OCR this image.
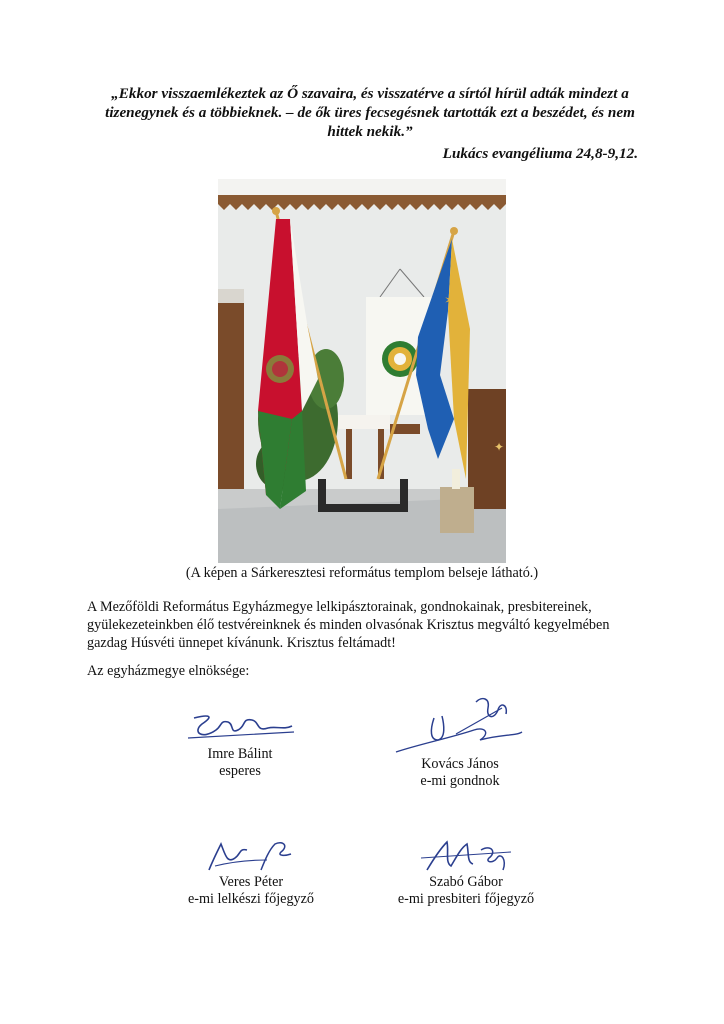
„Ekkor visszaemlékeztek az Ő szavaira, és visszatérve a sírtól hírül adták mindezt a tizenegynek és a többieknek. – de ők üres fecsegésnek tartották ezt a beszédet, és nem hittek nekik.”
Lukács evangéliuma 24,8-9,12.
✦
✶
(A képen a Sárkeresztesi református templom belseje látható.)
A Mezőföldi Református Egyházmegye lelkipásztorainak, gondnokainak, presbitereinek, gyülekezeteinkben élő testvéreinknek és minden olvasónak Krisztus megváltó kegyelmében gazdag Húsvéti ünnepet kívánunk. Krisztus feltámadt!
Az egyházmegye elnöksége:
Imre Bálint
esperes	Kovács János
e-mi gondnok
Veres Péter
e-mi lelkészi főjegyző
Szabó Gábor
e-mi presbiteri főjegyző
